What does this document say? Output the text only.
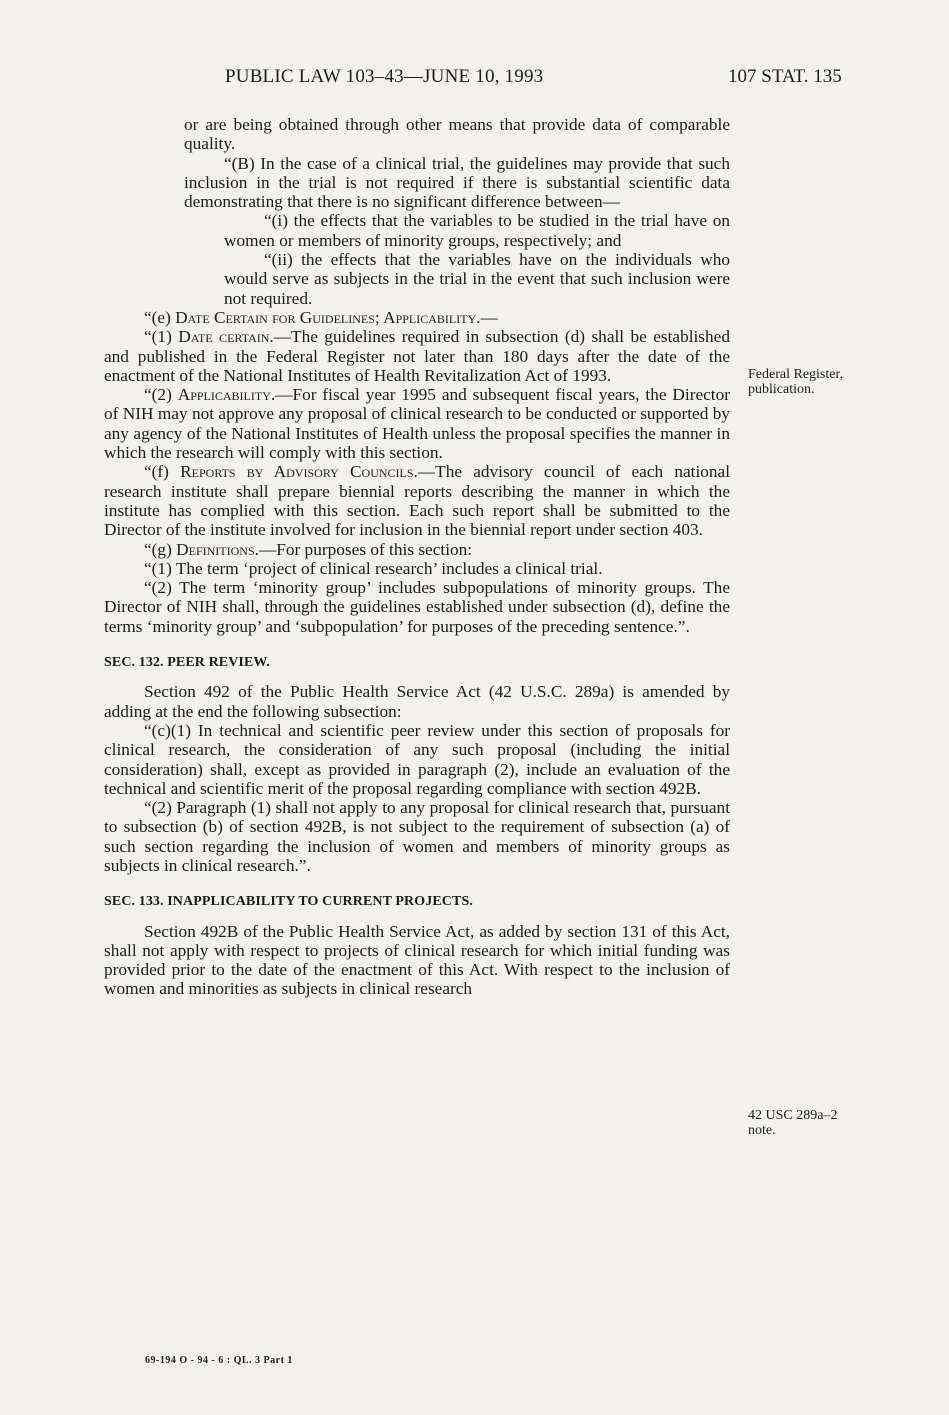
PUBLIC LAW 103–43—JUNE 10, 1993	107 STAT. 135

or are being obtained through other means that provide data of comparable quality.

“(B) In the case of a clinical trial, the guidelines may provide that such inclusion in the trial is not required if there is substantial scientific data demonstrating that there is no significant difference between—

“(i) the effects that the variables to be studied in the trial have on women or members of minority groups, respectively; and

“(ii) the effects that the variables have on the individuals who would serve as subjects in the trial in the event that such inclusion were not required.

“(e) Date Certain for Guidelines; Applicability.—

“(1) Date certain.—The guidelines required in subsection (d) shall be established and published in the Federal Register not later than 180 days after the date of the enactment of the National Institutes of Health Revitalization Act of 1993.

“(2) Applicability.—For fiscal year 1995 and subsequent fiscal years, the Director of NIH may not approve any proposal of clinical research to be conducted or supported by any agency of the National Institutes of Health unless the proposal specifies the manner in which the research will comply with this section.

“(f) Reports by Advisory Councils.—The advisory council of each national research institute shall prepare biennial reports describing the manner in which the institute has complied with this section. Each such report shall be submitted to the Director of the institute involved for inclusion in the biennial report under section 403.

“(g) Definitions.—For purposes of this section:

“(1) The term ‘project of clinical research’ includes a clinical trial.

“(2) The term ‘minority group’ includes subpopulations of minority groups. The Director of NIH shall, through the guidelines established under subsection (d), define the terms ‘minority group’ and ‘subpopulation’ for purposes of the preceding sentence.”.

SEC. 132. PEER REVIEW.

Section 492 of the Public Health Service Act (42 U.S.C. 289a) is amended by adding at the end the following subsection:

“(c)(1) In technical and scientific peer review under this section of proposals for clinical research, the consideration of any such proposal (including the initial consideration) shall, except as provided in paragraph (2), include an evaluation of the technical and scientific merit of the proposal regarding compliance with section 492B.

“(2) Paragraph (1) shall not apply to any proposal for clinical research that, pursuant to subsection (b) of section 492B, is not subject to the requirement of subsection (a) of such section regarding the inclusion of women and members of minority groups as subjects in clinical research.”.

SEC. 133. INAPPLICABILITY TO CURRENT PROJECTS.

Section 492B of the Public Health Service Act, as added by section 131 of this Act, shall not apply with respect to projects of clinical research for which initial funding was provided prior to the date of the enactment of this Act. With respect to the inclusion of women and minorities as subjects in clinical research

Federal Register, publication.
42 USC 289a–2 note.
69-194 O - 94 - 6 : QL. 3 Part 1
